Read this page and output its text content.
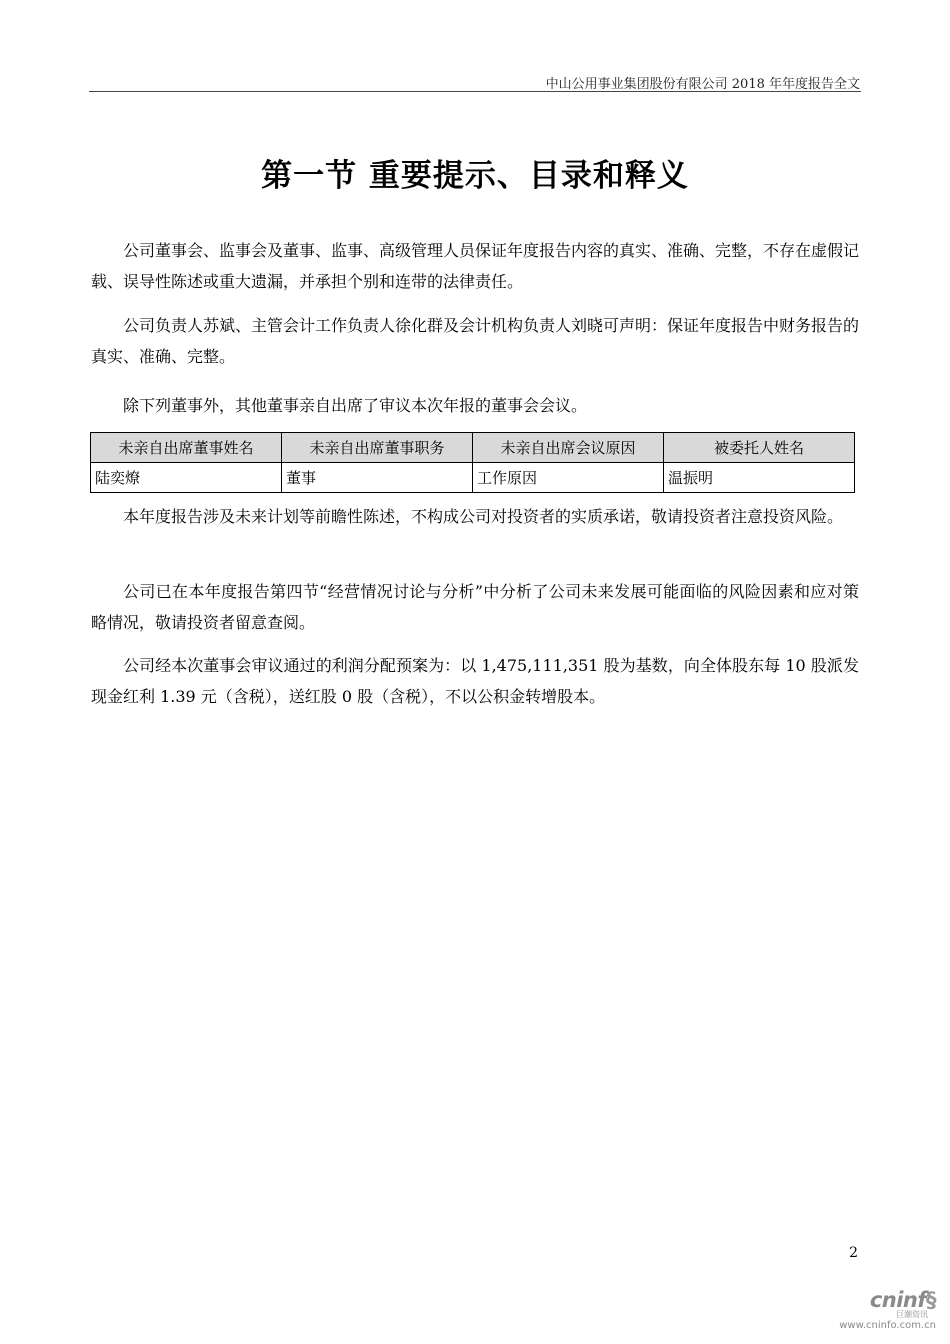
中山公用事业集团股份有限公司 2018 年年度报告全文
第一节 重要提示、目录和释义

公司董事会、监事会及董事、监事、高级管理人员保证年度报告内容的真实、准确、完整，不存在虚假记载、误导性陈述或重大遗漏，并承担个别和连带的法律责任。

公司负责人苏斌、主管会计工作负责人徐化群及会计机构负责人刘晓可声明：保证年度报告中财务报告的真实、准确、完整。

除下列董事外，其他董事亲自出席了审议本次年报的董事会会议。

未亲自出席董事姓名	未亲自出席董事职务	未亲自出席会议原因	被委托人姓名
陆奕燎	董事	工作原因	温振明

本年度报告涉及未来计划等前瞻性陈述，不构成公司对投资者的实质承诺，敬请投资者注意投资风险。

公司已在本年度报告第四节“经营情况讨论与分析”中分析了公司未来发展可能面临的风险因素和应对策略情况，敬请投资者留意查阅。

公司经本次董事会审议通过的利润分配预案为：以 1,475,111,351 股为基数，向全体股东每 10 股派发现金红利 1.39 元（含税），送红股 0 股（含税），不以公积金转增股本。

2
cninf§
巨潮资讯
www.cninfo.com.cn
